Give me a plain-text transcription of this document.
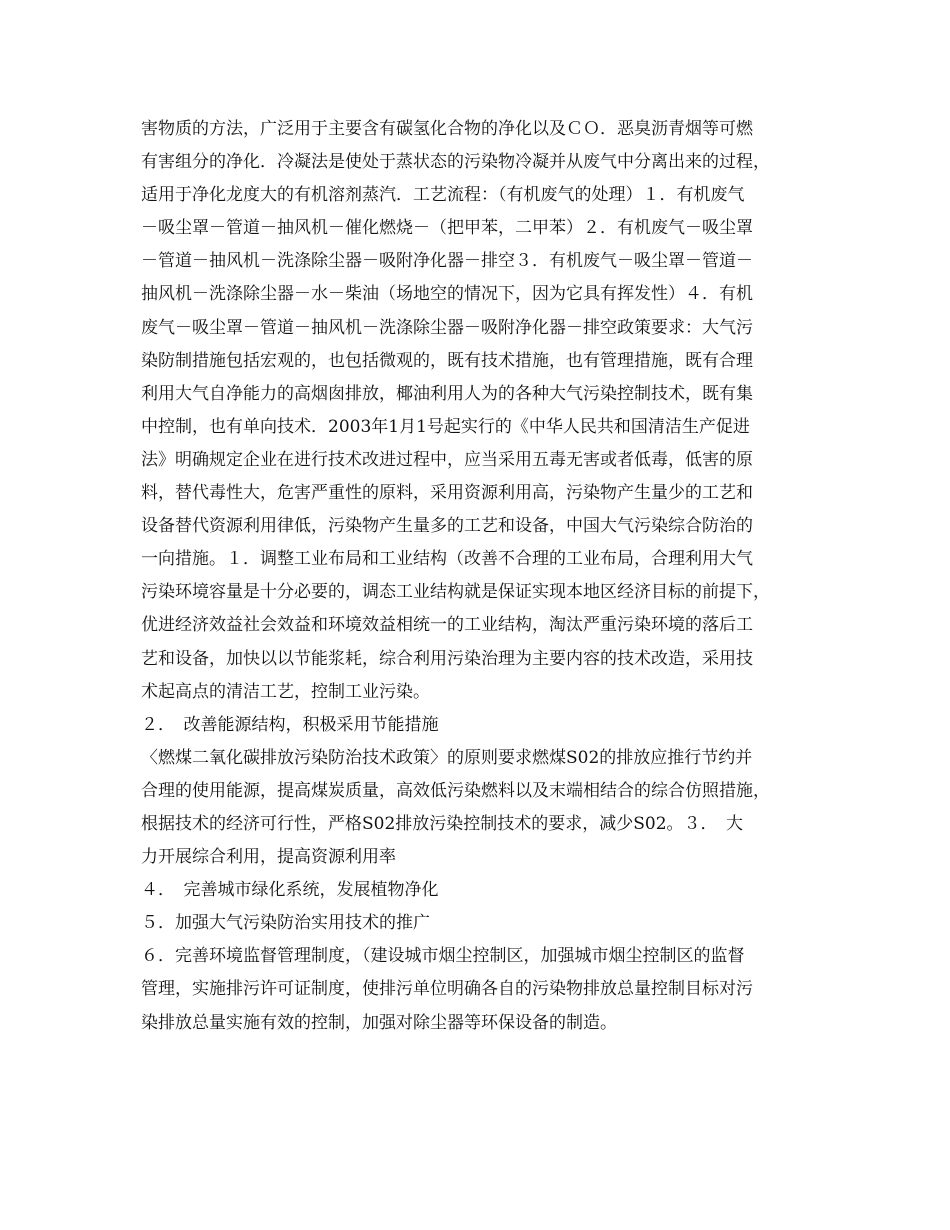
害物质的方法，广泛用于主要含有碳氢化合物的净化以及ＣＯ．恶臭沥青烟等可燃
有害组分的净化．冷凝法是使处于蒸状态的污染物冷凝并从废气中分离出来的过程，
适用于净化龙度大的有机溶剂蒸汽．工艺流程：（有机废气的处理）１．有机废气
－吸尘罩－管道－抽风机－催化燃烧－（把甲苯，二甲苯）２．有机废气－吸尘罩
－管道－抽风机－洗涤除尘器－吸附净化器－排空３．有机废气－吸尘罩－管道－
抽风机－洗涤除尘器－水－柴油（场地空的情况下，因为它具有挥发性）４．有机
废气－吸尘罩－管道－抽风机－洗涤除尘器－吸附净化器－排空政策要求：大气污
染防制措施包括宏观的，也包括微观的，既有技术措施，也有管理措施，既有合理
利用大气自净能力的高烟囱排放，椰油利用人为的各种大气污染控制技术，既有集
中控制，也有单向技术．2003年1月1号起实行的《中华人民共和国清洁生产促进
法》明确规定企业在进行技术改进过程中，应当采用五毒无害或者低毒，低害的原
料，替代毒性大，危害严重性的原料，采用资源利用高，污染物产生量少的工艺和
设备替代资源利用律低，污染物产生量多的工艺和设备，中国大气污染综合防治的
一向措施。１．调整工业布局和工业结构（改善不合理的工业布局，合理利用大气
污染环境容量是十分必要的，调态工业结构就是保证实现本地区经济目标的前提下，
优进经济效益社会效益和环境效益相统一的工业结构，淘汰严重污染环境的落后工
艺和设备，加快以以节能浆耗，综合利用污染治理为主要内容的技术改造，采用技
术起高点的清洁工艺，控制工业污染。
２．　改善能源结构，积极采用节能措施
〈燃煤二氧化碳排放污染防治技术政策〉的原则要求燃煤S02的排放应推行节约并
合理的使用能源，提高煤炭质量，高效低污染燃料以及末端相结合的综合仿照措施，
根据技术的经济可行性，严格S02排放污染控制技术的要求，减少S02。３．　大
力开展综合利用，提高资源利用率
４．　完善城市绿化系统，发展植物净化
５．加强大气污染防治实用技术的推广
６．完善环境监督管理制度，（建设城市烟尘控制区，加强城市烟尘控制区的监督
管理，实施排污许可证制度，使排污单位明确各自的污染物排放总量控制目标对污
染排放总量实施有效的控制，加强对除尘器等环保设备的制造。
